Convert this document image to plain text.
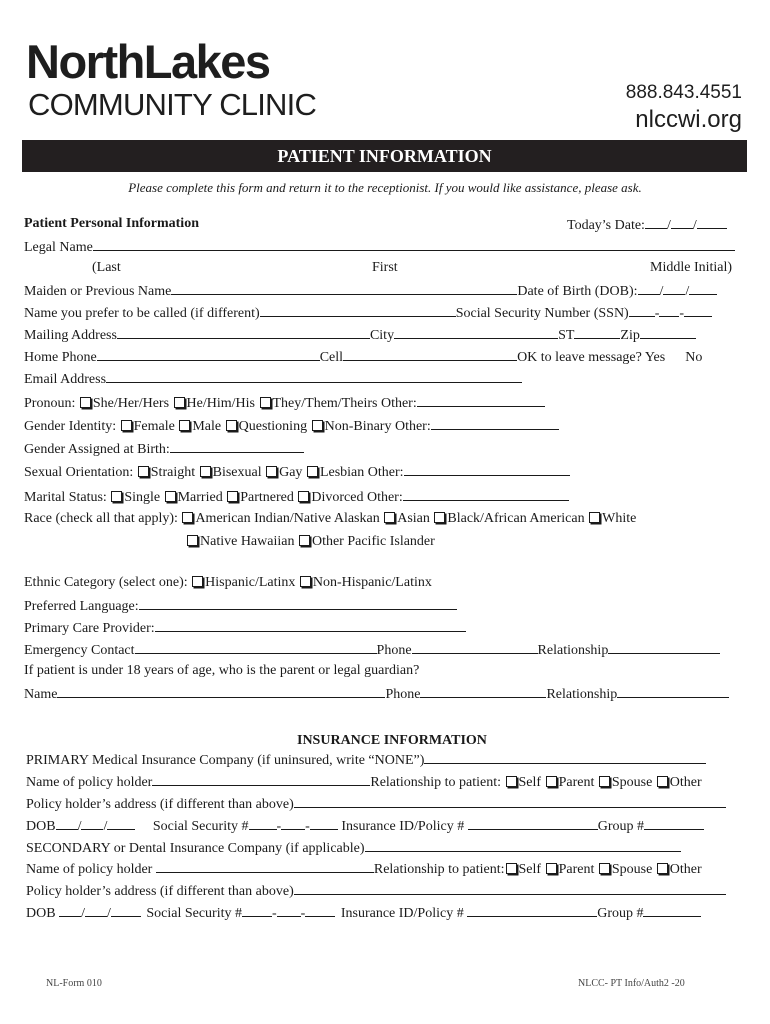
NorthLakes
COMMUNITY CLINIC	888.843.4551
nlccwi.org
PATIENT INFORMATION
Please complete this form and return it to the receptionist. If you would like assistance, please ask.
Patient Personal Information	Today’s Date: / /
Legal Name
(Last	First	Middle Initial)
Maiden or Previous Name	Date of Birth (DOB): / /
Name you prefer to be called (if different)	Social Security Number (SSN) - -
Mailing Address	City	ST	Zip
Home Phone	Cell	OK to leave message? Yes No
Email Address
Pronoun: She/Her/Hers He/Him/His They/Them/Theirs Other:
Gender Identity: Female Male Questioning Non-Binary Other:
Gender Assigned at Birth:
Sexual Orientation: Straight Bisexual Gay Lesbian Other:
Marital Status: Single Married Partnered Divorced Other:
Race (check all that apply): American Indian/Native Alaskan Asian Black/African American White
Native Hawaiian Other Pacific Islander
Ethnic Category (select one): Hispanic/Latinx Non-Hispanic/Latinx
Preferred Language:
Primary Care Provider:
Emergency Contact	Phone	Relationship
If patient is under 18 years of age, who is the parent or legal guardian?
Name	Phone	Relationship
INSURANCE INFORMATION
PRIMARY Medical Insurance Company (if uninsured, write “NONE”)
Name of policy holder	Relationship to patient: Self Parent Spouse Other
Policy holder’s address (if different than above)
DOB / /	Social Security # - - Insurance ID/Policy #	Group #
SECONDARY or Dental Insurance Company (if applicable)
Name of policy holder	Relationship to patient: Self Parent Spouse Other
Policy holder’s address (if different than above)
DOB / /	Social Security # - -	Insurance ID/Policy #	Group #
NL-Form 010	NLCC- PT Info/Auth2 -20
